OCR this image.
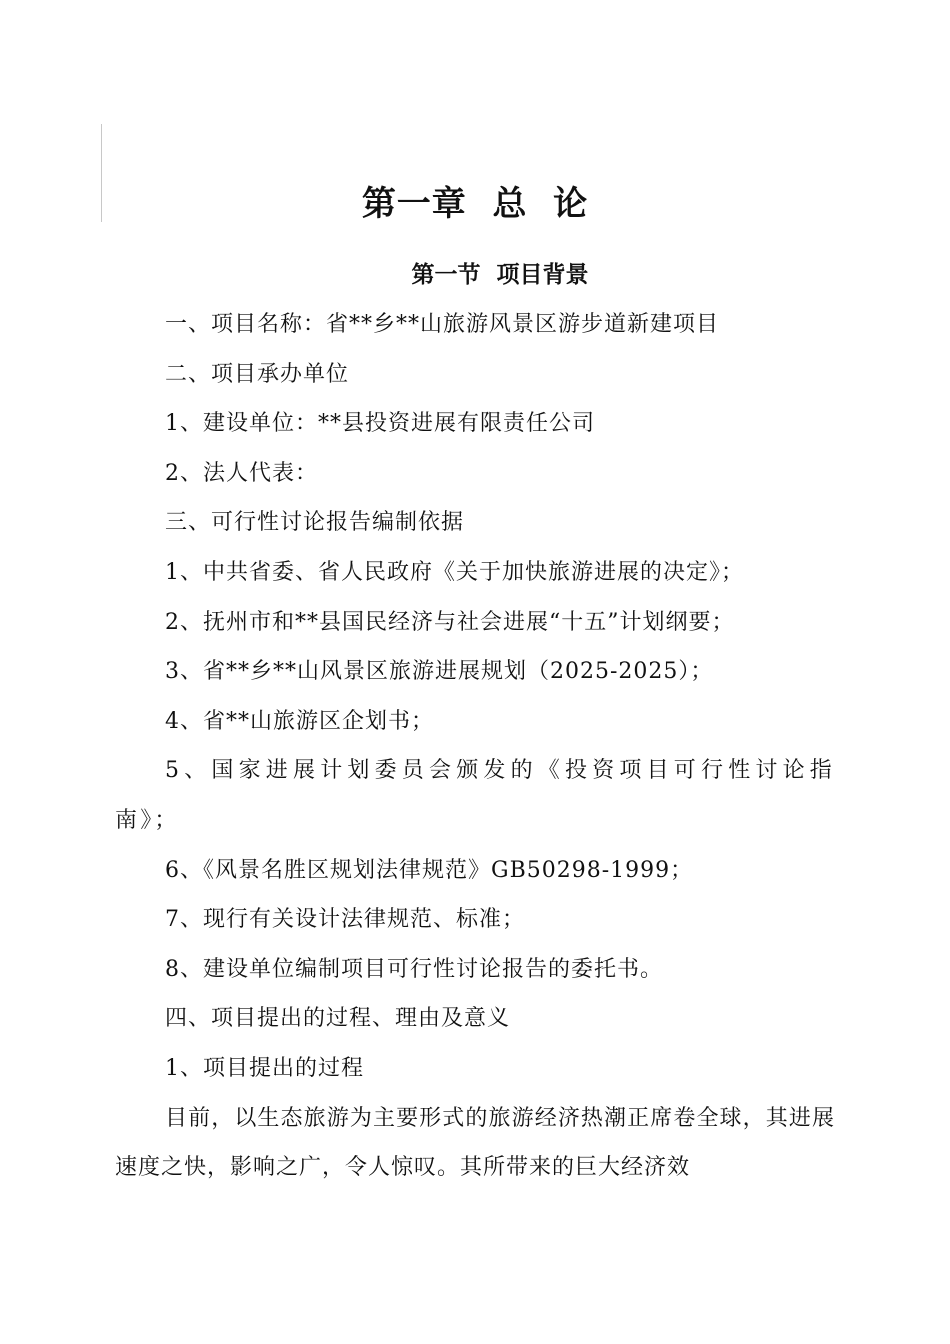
第一章  总  论
第一节  项目背景

一、项目名称：省**乡**山旅游风景区游步道新建项目

二、项目承办单位

1、建设单位：**县投资进展有限责任公司

2、法人代表：

三、可行性讨论报告编制依据

1、中共省委、省人民政府《关于加快旅游进展的决定》；

2、抚州市和**县国民经济与社会进展“十五”计划纲要；

3、省**乡**山风景区旅游进展规划（2025-2025）；

4、省**山旅游区企划书；

5、国家进展计划委员会颁发的《投资项目可行性讨论指南》；

6、《风景名胜区规划法律规范》GB50298-1999；

7、现行有关设计法律规范、标准；

8、建设单位编制项目可行性讨论报告的委托书。

四、项目提出的过程、理由及意义

1、项目提出的过程

目前，以生态旅游为主要形式的旅游经济热潮正席卷全球，其进展速度之快，影响之广，令人惊叹。其所带来的巨大经济效
